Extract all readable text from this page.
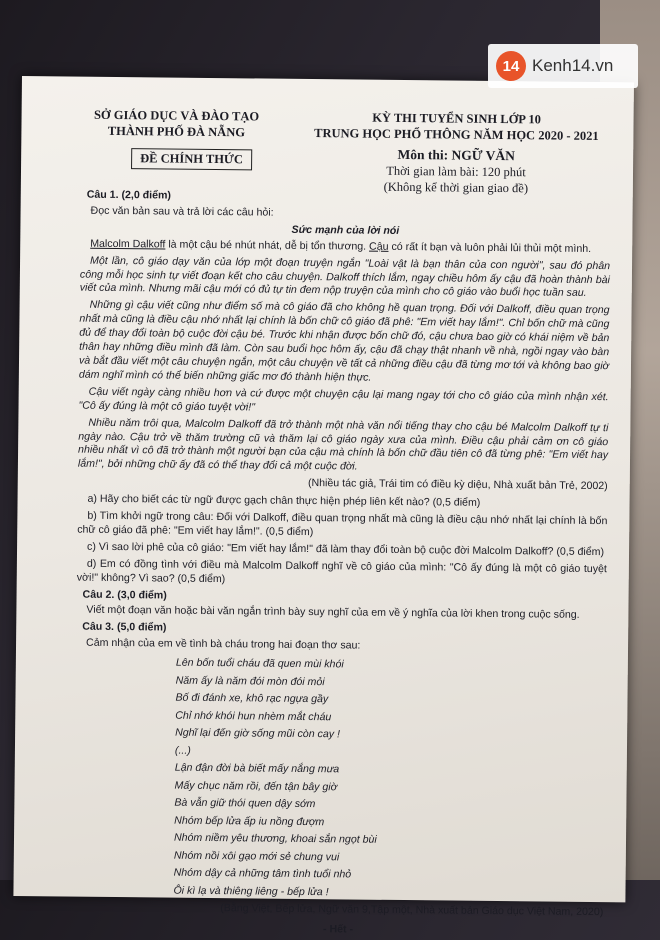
SỞ GIÁO DỤC VÀ ĐÀO TẠO
THÀNH PHỐ ĐÀ NẴNG
ĐỀ CHÍNH THỨC
KỲ THI TUYỂN SINH LỚP 10
TRUNG HỌC PHỔ THÔNG NĂM HỌC 2020 - 2021
Môn thi: NGỮ VĂN
Thời gian làm bài: 120 phút
(Không kể thời gian giao đề)
Câu 1. (2,0 điểm)
Đọc văn bản sau và trả lời các câu hỏi:
Sức mạnh của lời nói
Malcolm Dalkoff là một cậu bé nhút nhát, dễ bị tổn thương. Cậu có rất ít bạn và luôn phải lủi thủi một mình.
Một lần, cô giáo dạy văn của lớp một đoạn truyện ngắn "Loài vật là bạn thân của con người", sau đó phân công mỗi học sinh tự viết đoạn kết cho câu chuyện. Dalkoff thích lắm, ngay chiều hôm ấy cậu đã hoàn thành bài viết của mình. Nhưng mãi cậu mới có đủ tự tin đem nộp truyện của mình cho cô giáo vào buổi học tuần sau.
Những gì cậu viết cũng như điểm số mà cô giáo đã cho không hề quan trọng. Đối với Dalkoff, điều quan trọng nhất mà cũng là điều cậu nhớ nhất lại chính là bốn chữ cô giáo đã phê: "Em viết hay lắm!". Chỉ bốn chữ mà cũng đủ để thay đổi toàn bộ cuộc đời cậu bé. Trước khi nhận được bốn chữ đó, cậu chưa bao giờ có khái niệm về bản thân hay những điều mình đã làm. Còn sau buổi học hôm ấy, cậu đã chạy thật nhanh về nhà, ngồi ngay vào bàn và bắt đầu viết một câu chuyện ngắn, một câu chuyện về tất cả những điều cậu đã từng mơ tới và không bao giờ dám nghĩ mình có thể biến những giấc mơ đó thành hiện thực.
Cậu viết ngày càng nhiều hơn và cứ được một chuyện cậu lại mang ngay tới cho cô giáo của mình nhận xét. "Cô ấy đúng là một cô giáo tuyệt vời!"
Nhiều năm trôi qua, Malcolm Dalkoff đã trở thành một nhà văn nổi tiếng thay cho cậu bé Malcolm Dalkoff tự ti ngày nào. Cậu trở về thăm trường cũ và thăm lại cô giáo ngày xưa của mình. Điều cậu phải cảm ơn cô giáo nhiều nhất vì cô đã trở thành một người bạn của cậu mà chính là bốn chữ đầu tiên cô đã từng phê: "Em viết hay lắm!", bởi những chữ ấy đã có thể thay đổi cả một cuộc đời.
(Nhiều tác giả, Trái tim có điều kỳ diệu, Nhà xuất bản Trẻ, 2002)
a) Hãy cho biết các từ ngữ được gạch chân thực hiện phép liên kết nào? (0,5 điểm)
b) Tìm khởi ngữ trong câu: Đối với Dalkoff, điều quan trọng nhất mà cũng là điều cậu nhớ nhất lại chính là bốn chữ cô giáo đã phê: "Em viết hay lắm!". (0,5 điểm)
c) Vì sao lời phê của cô giáo: "Em viết hay lắm!" đã làm thay đổi toàn bộ cuộc đời Malcolm Dalkoff? (0,5 điểm)
d) Em có đồng tình với điều mà Malcolm Dalkoff nghĩ về cô giáo của mình: "Cô ấy đúng là một cô giáo tuyệt vời!" không? Vì sao? (0,5 điểm)
Câu 2. (3,0 điểm)
Viết một đoạn văn hoặc bài văn ngắn trình bày suy nghĩ của em về ý nghĩa của lời khen trong cuộc sống.
Câu 3. (5,0 điểm)
Cảm nhận của em về tình bà cháu trong hai đoạn thơ sau:
Lên bốn tuổi cháu đã quen mùi khói
Năm ấy là năm đói mòn đói mỏi
Bố đi đánh xe, khô rạc ngựa gầy
Chỉ nhớ khói hun nhèm mắt cháu
Nghĩ lại đến giờ sống mũi còn cay !
(...)
Lận đận đời bà biết mấy nắng mưa
Mấy chục năm rồi, đến tận bây giờ
Bà vẫn giữ thói quen dậy sớm
Nhóm bếp lửa ấp iu nồng đượm
Nhóm niềm yêu thương, khoai sắn ngọt bùi
Nhóm nồi xôi gạo mới sẻ chung vui
Nhóm dậy cả những tâm tình tuổi nhỏ
Ôi kì lạ và thiêng liêng - bếp lửa !
(Bằng Việt, Bếp lửa, Ngữ văn 9,Tập một, Nhà xuất bản Giáo dục Việt Nam, 2020)
- Hết -
14 Kenh14.vn
